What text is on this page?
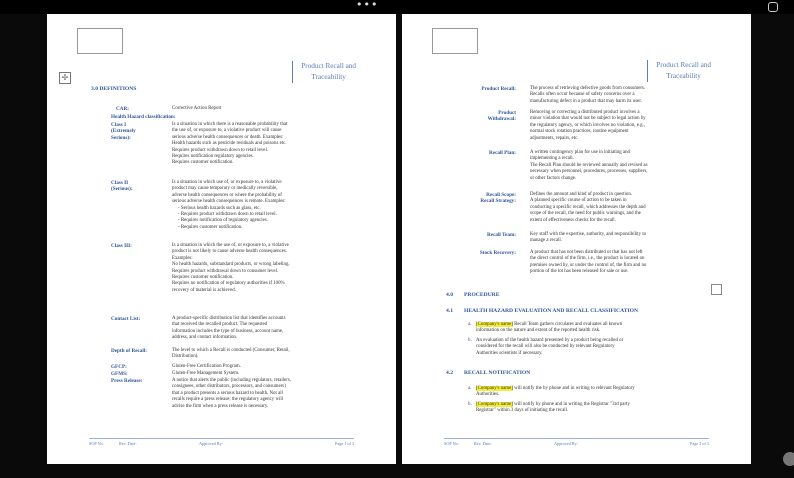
•••
Product Recall and
Traceability
✢
3.0 DEFINITIONS
CAR:	Corrective Action Report
Health Hazard classification:
Class I
(Extremely
Serious):
Is a situation in which there is a reasonable probability that
the use of, or exposure to, a violative product will cause
serious adverse health consequences or death. Examples:
Health hazards such as pesticide residuals and poisons etc.
Requires product withdrawn down to retail level.
Requires notification regulatory agencies.
Requires customer notification.
Class II
(Serious):
Is a situation in which use of, or exposure to, a violative
product may cause temporary or medically reversible,
adverse health consequences or where the probability of
serious adverse health consequences is remote. Examples:
- Serious health hazards such as glass, etc.
- Requires product withdrawn down to retail level.
- Requires notification of regulatory agencies.
- Requires customer notification.
Class III:	Is a situation in which the use of, or exposure to, a violative
product is not likely to cause adverse health consequences.
Examples:
No health hazards, substandard products, or wrong labeling.
Requires product withdrawal down to consumer level.
Requires customer notification.
Requires no notification of regulatory authorities if 100%
recovery of material is achieved.
Contact List:	A product-specific distribution list that identifies accounts
that received the recalled product. The requested
information includes the type of business, account name,
address, and contact information.
Depth of Recall:	The level to which a Recall is conducted (Consumer, Retail,
Distribution).
GFCP:	Gluten-Free Certification Program.
GFMS:	Gluten-Free Management System.
Press Release:	A notice that alerts the public (including regulators, retailers,
consignees, other distributors, processors, and consumers)
that a product presents a serious hazard to health. Not all
recalls require a press release; the regulatory agency will
advise the firm when a press release is necessary.
SOP No.	Rev. Date:	Approved By:	Page 1 of 3
Product Recall and
Traceability
Product Recall:	The process of retrieving defective goods from consumers.
Recalls often occur because of safety concerns over a
manufacturing defect in a product that may harm its user.
Product
Withdrawal:
Removing or correcting a distributed product involves a
minor violation that would not be subject to legal action by
the regulatory agency, or which involves no violation, e.g.,
normal stock rotation practices, routine equipment
adjustments, repairs, etc.
Recall Plan:	A written contingency plan for use in initiating and
implementing a recall.
The Recall Plan should be reviewed annually and revised as
necessary when personnel, procedures, processes, suppliers,
or other factors change.
Recall Scope:
Recall Strategy:
Defines the amount and kind of product in question.
A planned specific course of action to be taken in
conducting a specific recall, which addresses the depth and
scope of the recall, the need for public warnings, and the
extent of effectiveness checks for the recall.
Recall Team:	Key staff with the expertise, authority, and responsibility to
manage a recall.
Stock Recovery:	A product that has not been distributed or that has not left
the direct control of the firm, i.e., the product is located on
premises owned by, or under the control of, the firm and no
portion of the lot has been released for sale or use.
4.0 PROCEDURE
4.1 HEALTH HAZARD EVALUATION AND RECALL CLASSIFICATION
a. [Company's name] Recall Team gathers circulates and evaluates all known
information on the nature and extent of the reported health risk.
b. An evaluation of the health hazard presented by a product being recalled or
considered for the recall will also be conducted by relevant Regulatory
Authorities scientists if necessary.
4.2 RECALL NOTIFICATION
a. [Company's name] will notify the by phone and in writing to relevant Regulatory
Authorities.
b. [Company's name] will notify by phone and in writing the Registrar "3rd party
Registrar" within 3 days of initiating the recall.
SOP No.	Rev. Date:	Approved By:	Page 2 of 3
